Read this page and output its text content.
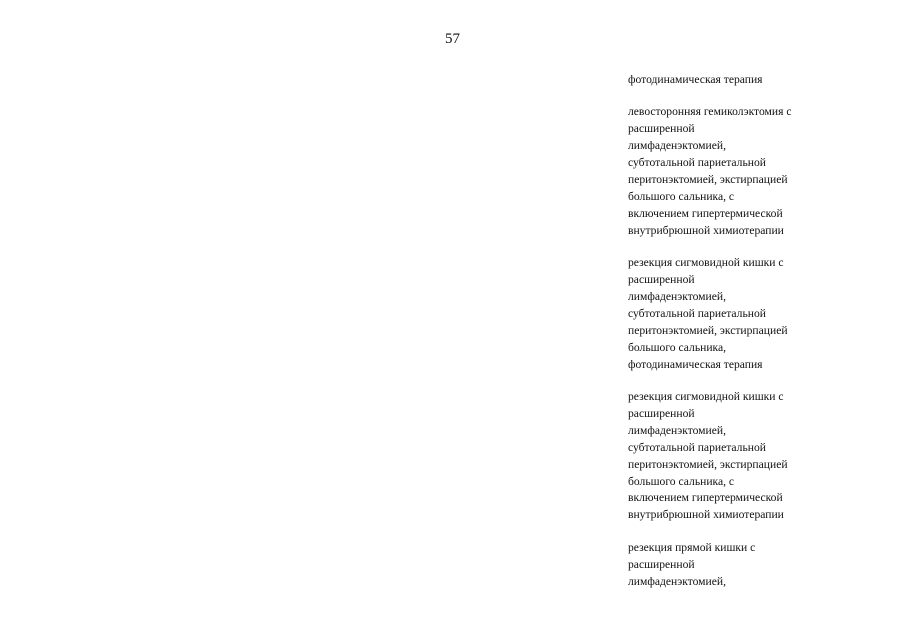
57
фотодинамическая терапия
левосторонняя гемиколэктомия с
расширенной
лимфаденэктомией,
субтотальной париетальной
перитонэктомией, экстирпацией
большого сальника, с
включением гипертермической
внутрибрюшной химиотерапии
резекция сигмовидной кишки с
расширенной
лимфаденэктомией,
субтотальной париетальной
перитонэктомией, экстирпацией
большого сальника,
фотодинамическая терапия
резекция сигмовидной кишки с
расширенной
лимфаденэктомией,
субтотальной париетальной
перитонэктомией, экстирпацией
большого сальника, с
включением гипертермической
внутрибрюшной химиотерапии
резекция прямой кишки с
расширенной
лимфаденэктомией,
